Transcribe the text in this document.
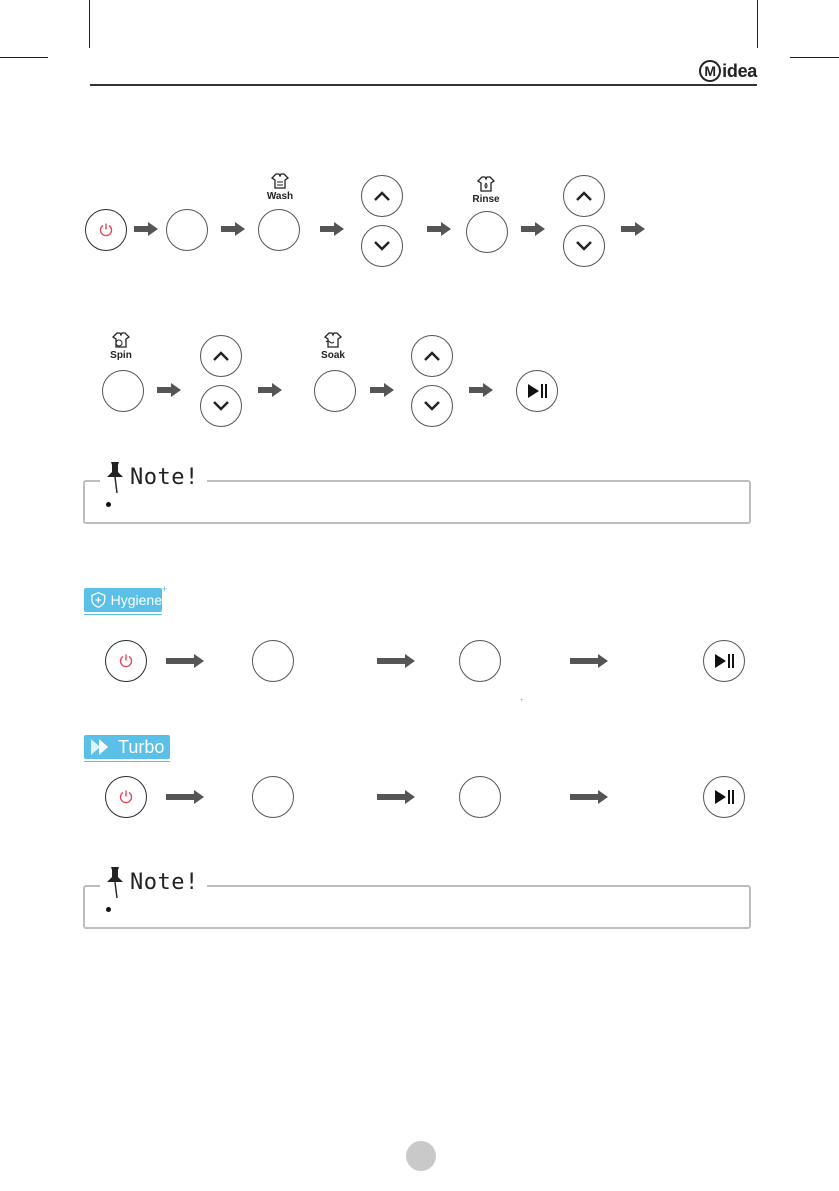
M idea
Wash	Rinse
Spin	Soak
Note!
Hygiene
+
+
Turbo
Note!
